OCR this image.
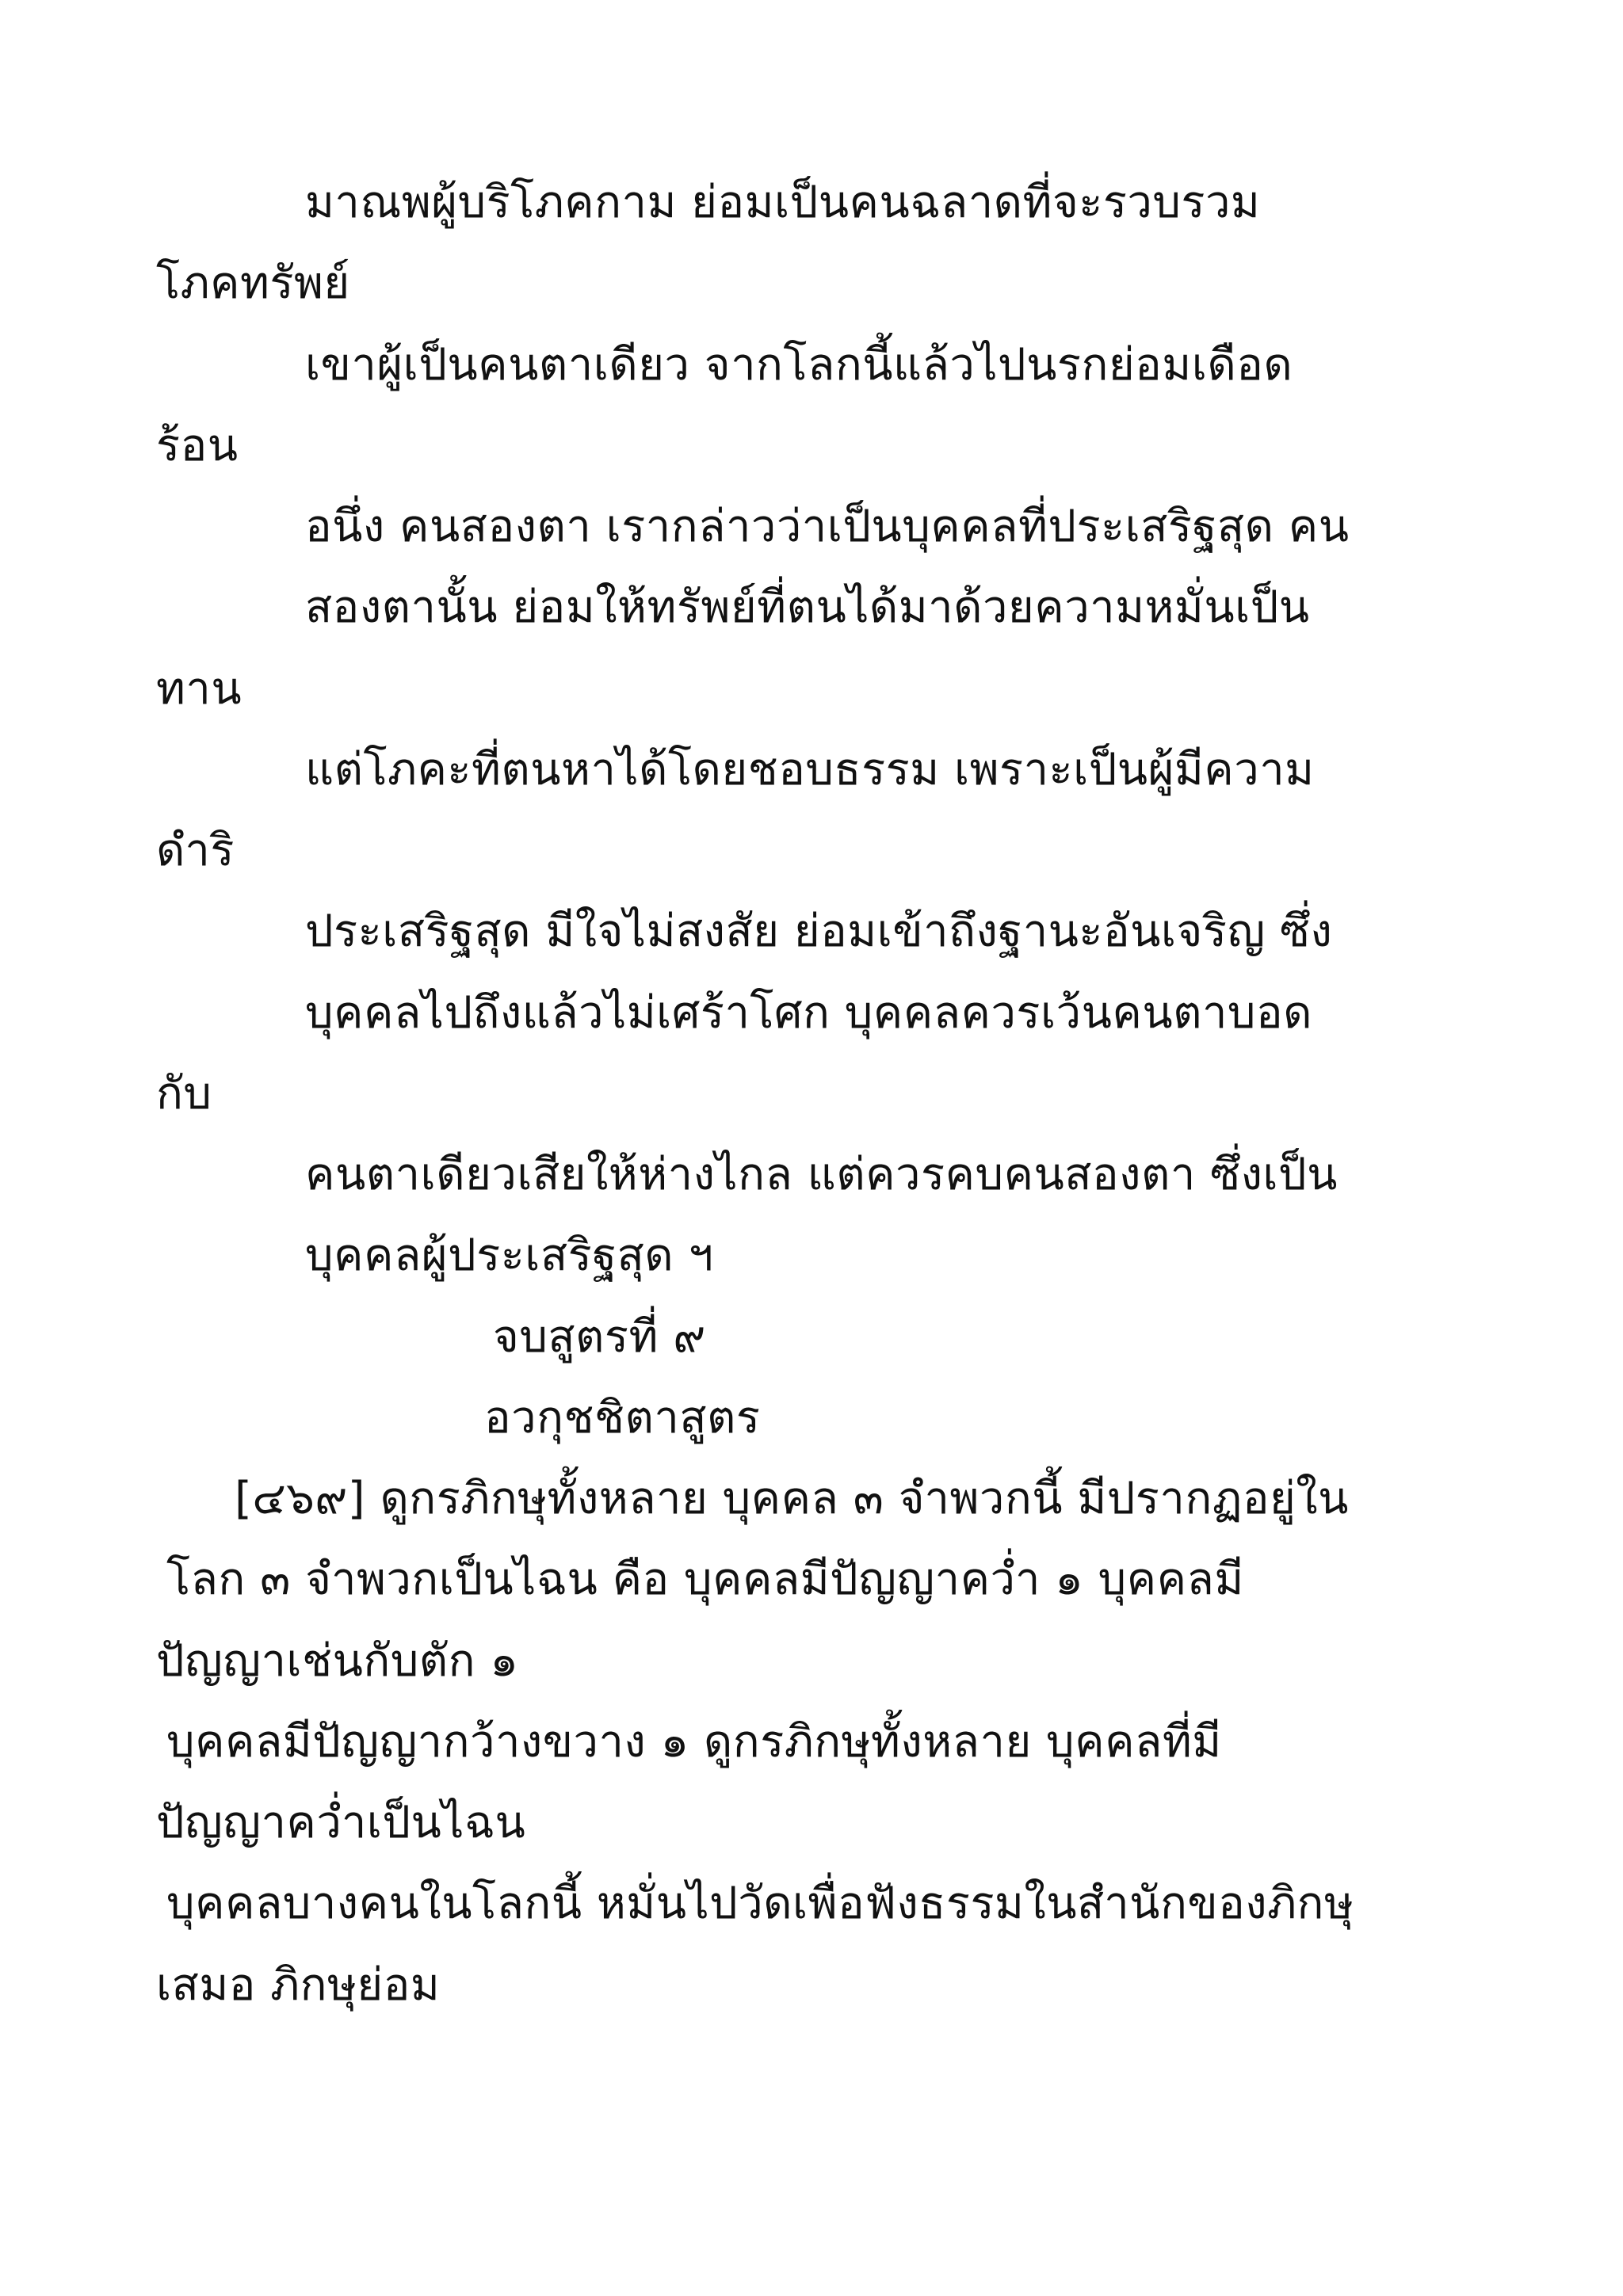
มาณพผู้บริโภคกาม ย่อมเป็นคนฉลาดที่จะรวบรวม
โภคทรัพย์
เขาผู้เป็นคนตาเดียว จากโลกนี้แล้วไปนรกย่อมเดือด
ร้อน
อนึ่ง คนสองตา เรากล่าวว่าเป็นบุคคลที่ประเสริฐสุด คน
สองตานั้น ย่อมให้ทรัพย์ที่ตนได้มาด้วยความหมั่นเป็น
ทาน
แต่โภคะที่ตนหาได้โดยชอบธรรม เพราะเป็นผู้มีความ
ดำริ
ประเสริฐสุด มีใจไม่สงสัย ย่อมเข้าถึงฐานะอันเจริญ ซึ่ง
บุคคลไปถึงแล้วไม่เศร้าโศก บุคคลควรเว้นคนตาบอด
กับ
คนตาเดียวเสียให้ห่างไกล แต่ควรคบคนสองตา ซึ่งเป็น
บุคคลผู้ประเสริฐสุด ฯ
จบสูตรที่ ๙
อวกุชชิตาสูตร
[๔๖๙] ดูกรภิกษุทั้งหลาย บุคคล ๓ จำพวกนี้ มีปรากฏอยู่ใน
โลก ๓ จำพวกเป็นไฉน คือ บุคคลมีปัญญาคว่ำ ๑ บุคคลมี
ปัญญาเช่นกับตัก ๑
บุคคลมีปัญญากว้างขวาง ๑ ดูกรภิกษุทั้งหลาย บุคคลที่มี
ปัญญาคว่ำเป็นไฉน
บุคคลบางคนในโลกนี้ หมั่นไปวัดเพื่อฟังธรรมในสำนักของภิกษุ
เสมอ ภิกษุย่อม
